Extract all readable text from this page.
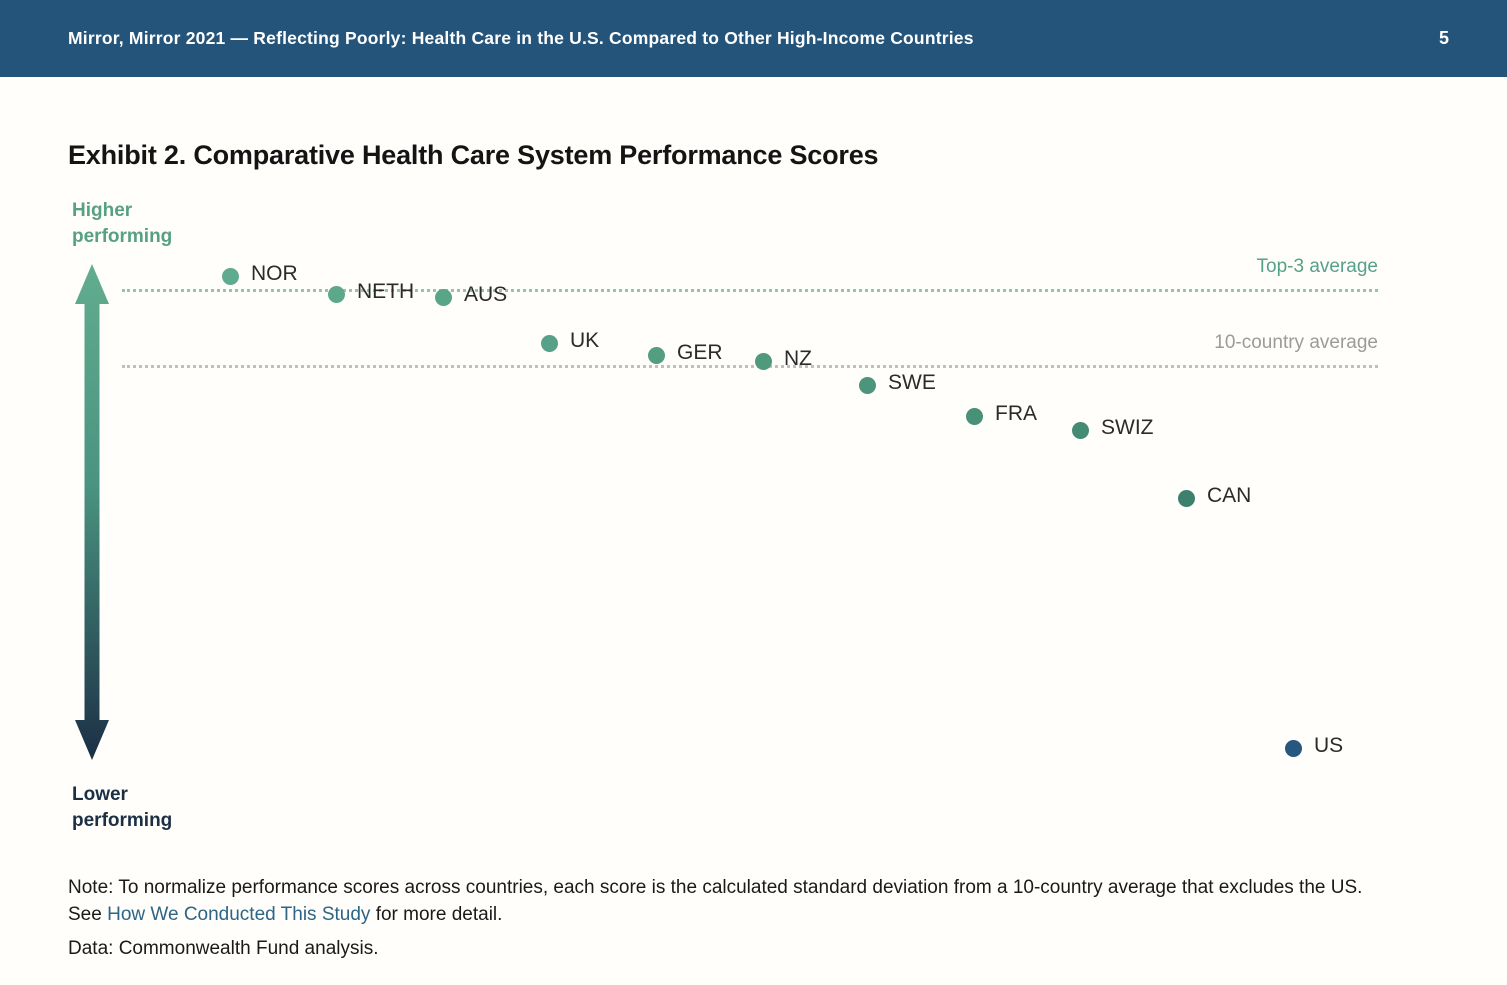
Mirror, Mirror 2021 — Reflecting Poorly: Health Care in the U.S. Compared to Other High-Income Countries	5
Exhibit 2. Comparative Health Care System Performance Scores
Higher performing
Top-3 average
10-country average
NOR
NETH AUS
UK
GER	NZ
SWE
FRA
SWIZ
CAN
US
Lower performing

Note: To normalize performance scores across countries, each score is the calculated standard deviation from a 10-country average that excludes the US. See How We Conducted This Study for more detail.

Data: Commonwealth Fund analysis.
